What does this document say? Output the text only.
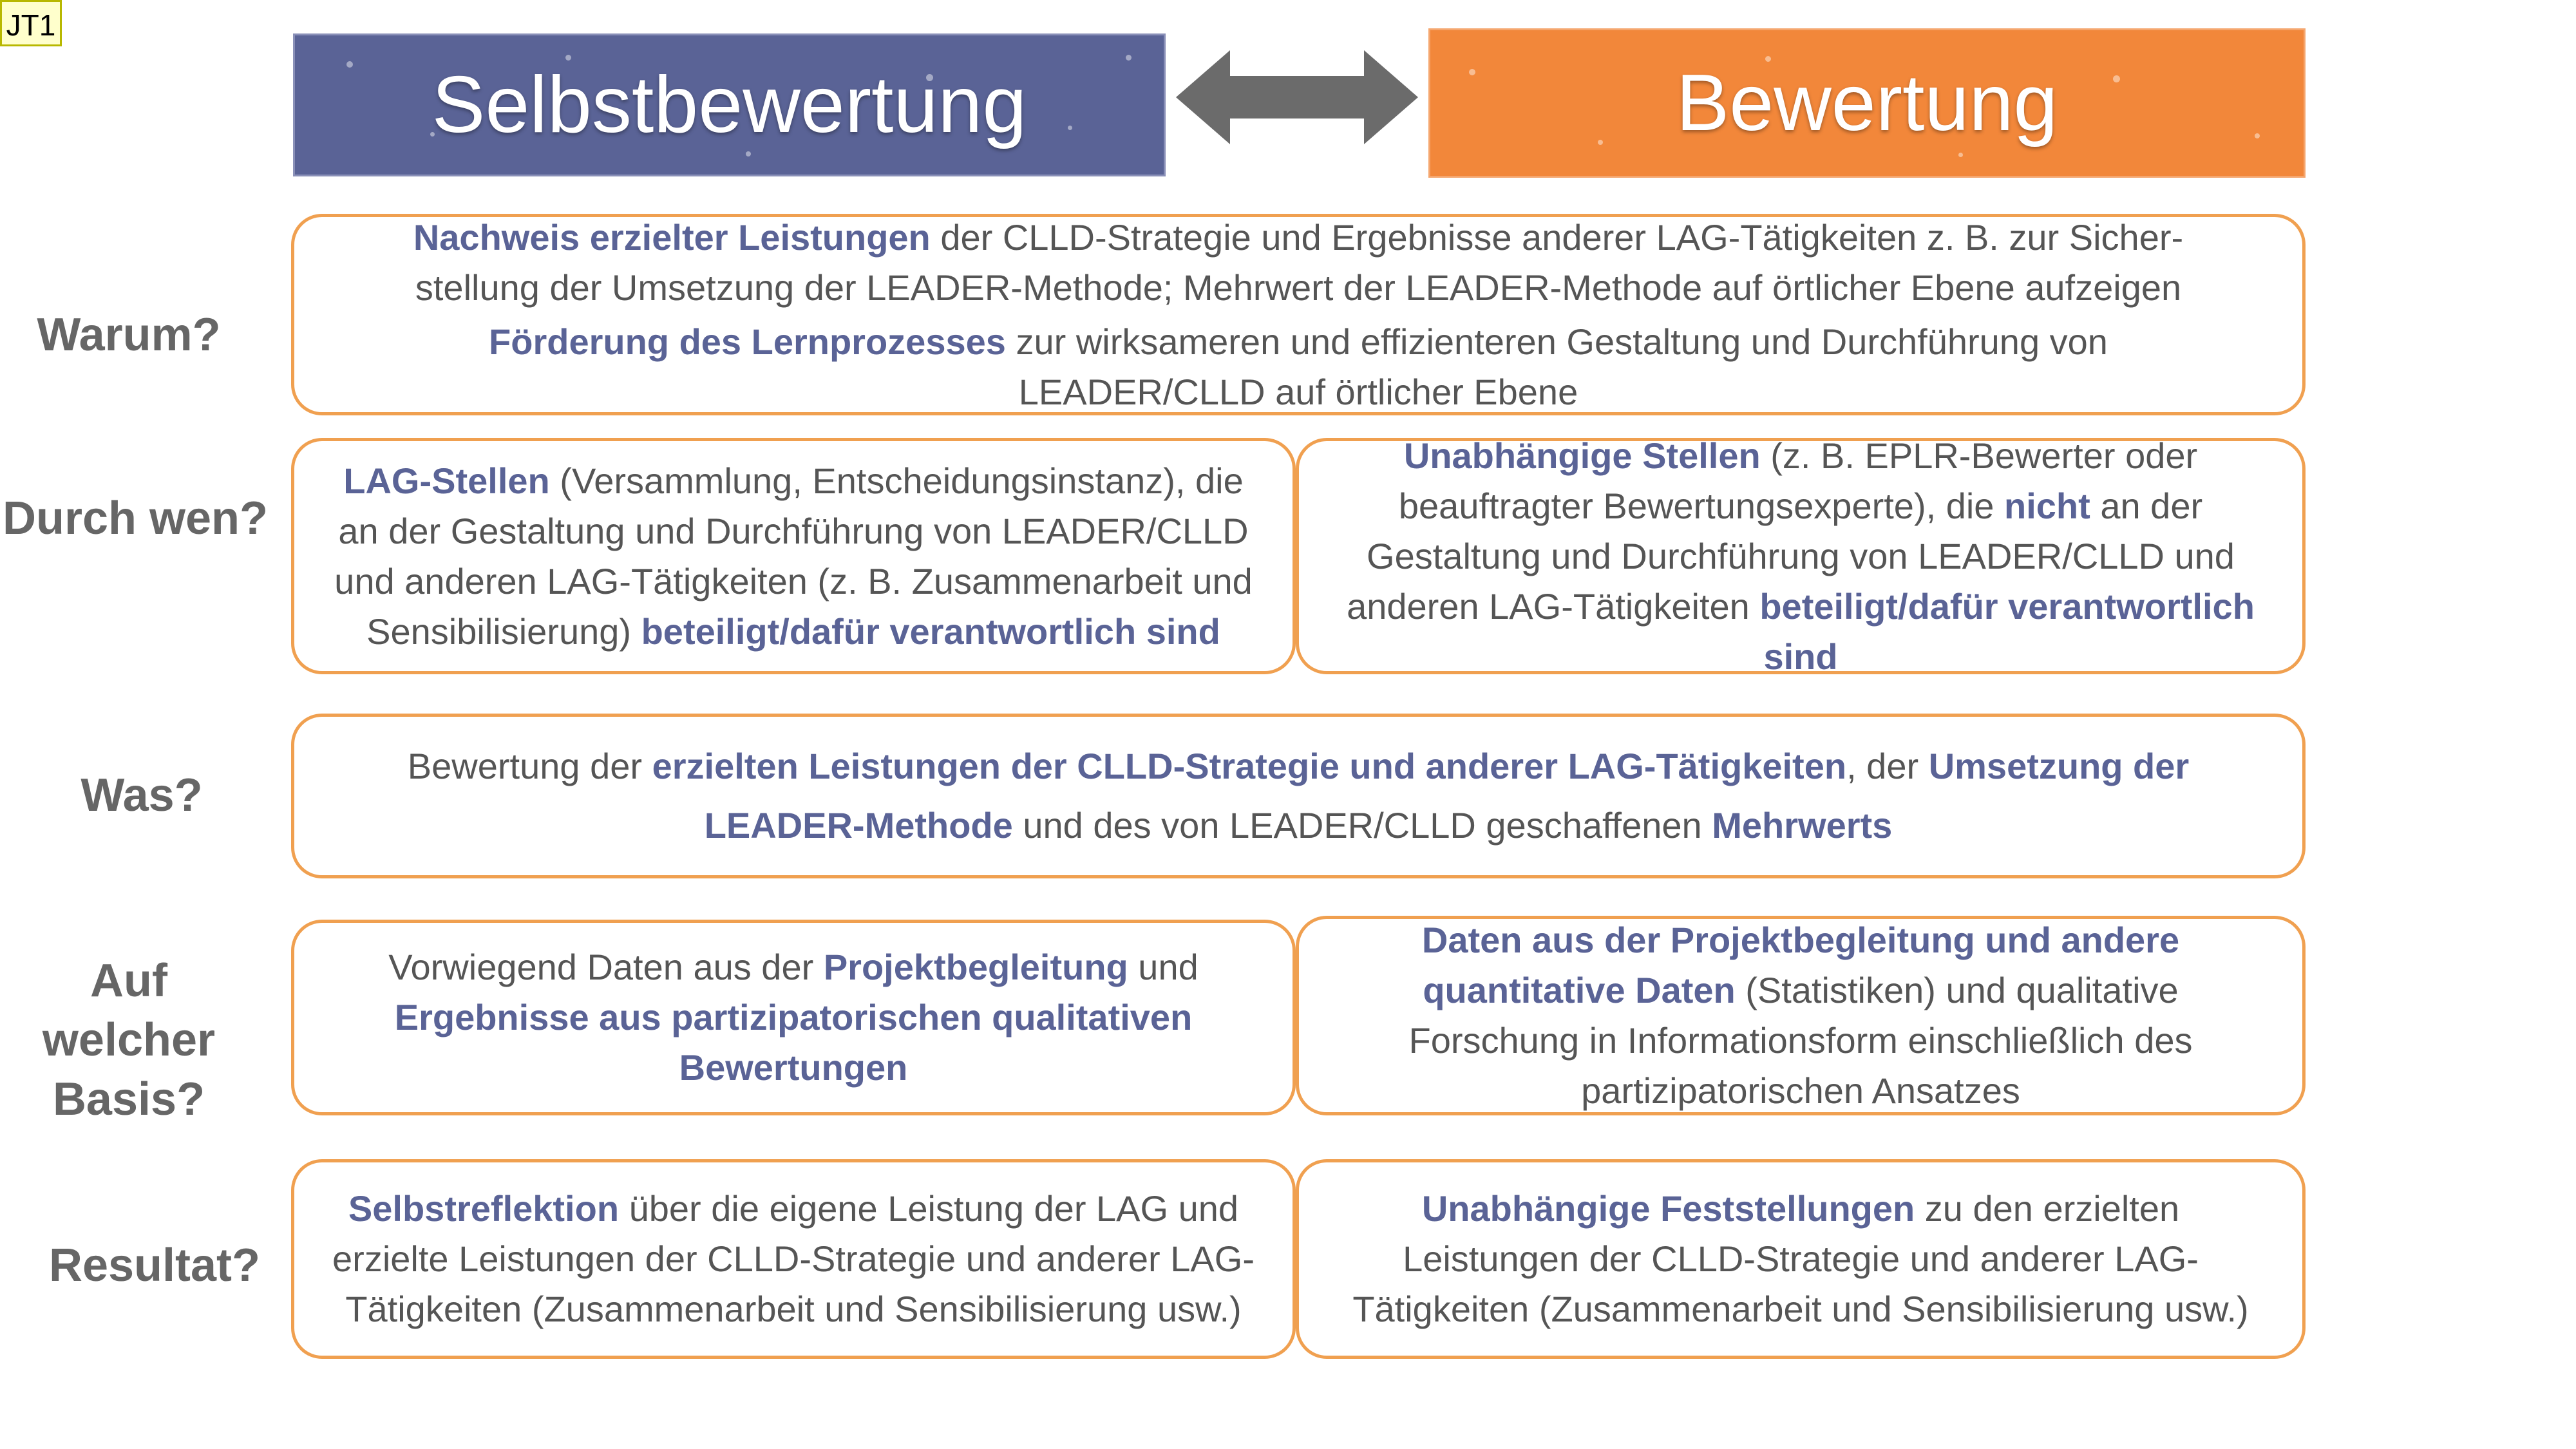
JT1
Selbstbewertung	Bewertung
Warum?

Nachweis erzielter Leistungen der CLLD-Strategie und Ergebnisse anderer LAG-Tätigkeiten z. B. zur Sicher-stellung der Umsetzung der LEADER-Methode; Mehrwert der LEADER-Methode auf örtlicher Ebene aufzeigen

Förderung des Lernprozesses zur wirksameren und effizienteren Gestaltung und Durchführung von LEADER/CLLD auf örtlicher Ebene

Durch wen?

LAG-Stellen (Versammlung, Entscheidungsinstanz), die an der Gestaltung und Durchführung von LEADER/CLLD und anderen LAG-Tätigkeiten (z. B. Zusammenarbeit und Sensibilisierung) beteiligt/dafür verantwortlich sind

Unabhängige Stellen (z. B. EPLR-Bewerter oder beauftragter Bewertungsexperte), die nicht an der Gestaltung und Durchführung von LEADER/CLLD und anderen LAG-Tätigkeiten beteiligt/dafür verantwortlich sind

Was?

Bewertung der erzielten Leistungen der CLLD-Strategie und anderer LAG-Tätigkeiten, der Umsetzung der LEADER-Methode und des von LEADER/CLLD geschaffenen Mehrwerts

Auf
welcher
Basis?

Vorwiegend Daten aus der Projektbegleitung und Ergebnisse aus partizipatorischen qualitativen Bewertungen

Daten aus der Projektbegleitung und andere quantitative Daten (Statistiken) und qualitative Forschung in Informationsform einschließlich des partizipatorischen Ansatzes

Resultat?

Selbstreflektion über die eigene Leistung der LAG und erzielte Leistungen der CLLD-Strategie und anderer LAG-Tätigkeiten (Zusammenarbeit und Sensibilisierung usw.)

Unabhängige Feststellungen zu den erzielten Leistungen der CLLD-Strategie und anderer LAG-Tätigkeiten (Zusammenarbeit und Sensibilisierung usw.)
